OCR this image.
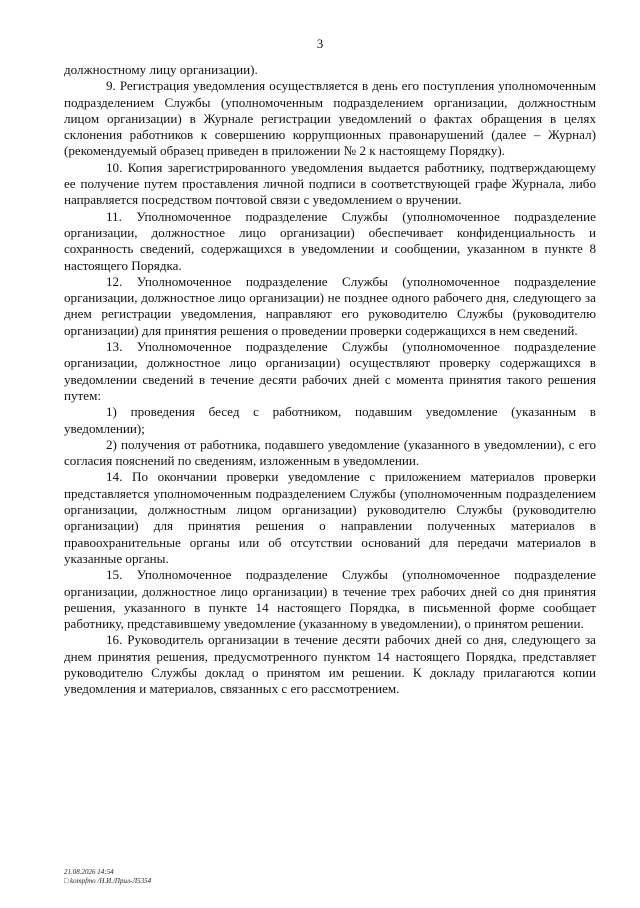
3

должностному лицу организации).

9. Регистрация уведомления осуществляется в день его поступления уполномоченным подразделением Службы (уполномоченным подразделением организации, должностным лицом организации) в Журнале регистрации уведомлений о фактах обращения в целях склонения работников к совершению коррупционных правонарушений (далее – Журнал) (рекомендуемый образец приведен в приложении № 2 к настоящему Порядку).

10. Копия зарегистрированного уведомления выдается работнику, подтверждающему ее получение путем проставления личной подписи в соответствующей графе Журнала, либо направляется посредством почтовой связи с уведомлением о вручении.

11. Уполномоченное подразделение Службы (уполномоченное подразделение организации, должностное лицо организации) обеспечивает конфиденциальность и сохранность сведений, содержащихся в уведомлении и сообщении, указанном в пункте 8 настоящего Порядка.

12. Уполномоченное подразделение Службы (уполномоченное подразделение организации, должностное лицо организации) не позднее одного рабочего дня, следующего за днем регистрации уведомления, направляют его руководителю Службы (руководителю организации) для принятия решения о проведении проверки содержащихся в нем сведений.

13. Уполномоченное подразделение Службы (уполномоченное подразделение организации, должностное лицо организации) осуществляют проверку содержащихся в уведомлении сведений в течение десяти рабочих дней с момента принятия такого решения путем:

1) проведения бесед с работником, подавшим уведомление (указанным в уведомлении);

2) получения от работника, подавшего уведомление (указанного в уведомлении), с его согласия пояснений по сведениям, изложенным в уведомлении.

14. По окончании проверки уведомление с приложением материалов проверки представляется уполномоченным подразделением Службы (уполномоченным подразделением организации, должностным лицом организации) руководителю Службы (руководителю организации) для принятия решения о направлении полученных материалов в правоохранительные органы или об отсутствии оснований для передачи материалов в указанные органы.

15. Уполномоченное подразделение Службы (уполномоченное подразделение организации, должностное лицо организации) в течение трех рабочих дней со дня принятия решения, указанного в пункте 14 настоящего Порядка, в письменной форме сообщает работнику, представившему уведомление (указанному в уведомлении), о принятом решении.

16. Руководитель организации в течение десяти рабочих дней со дня, следующего за днем принятия решения, предусмотренного пунктом 14 настоящего Порядка, представляет руководителю Службы доклад о принятом им решении. К докладу прилагаются копии уведомления и материалов, связанных с его рассмотрением.

21.08.2026 14:54
□ kompfmo /Н.И./Прил-Л5354
